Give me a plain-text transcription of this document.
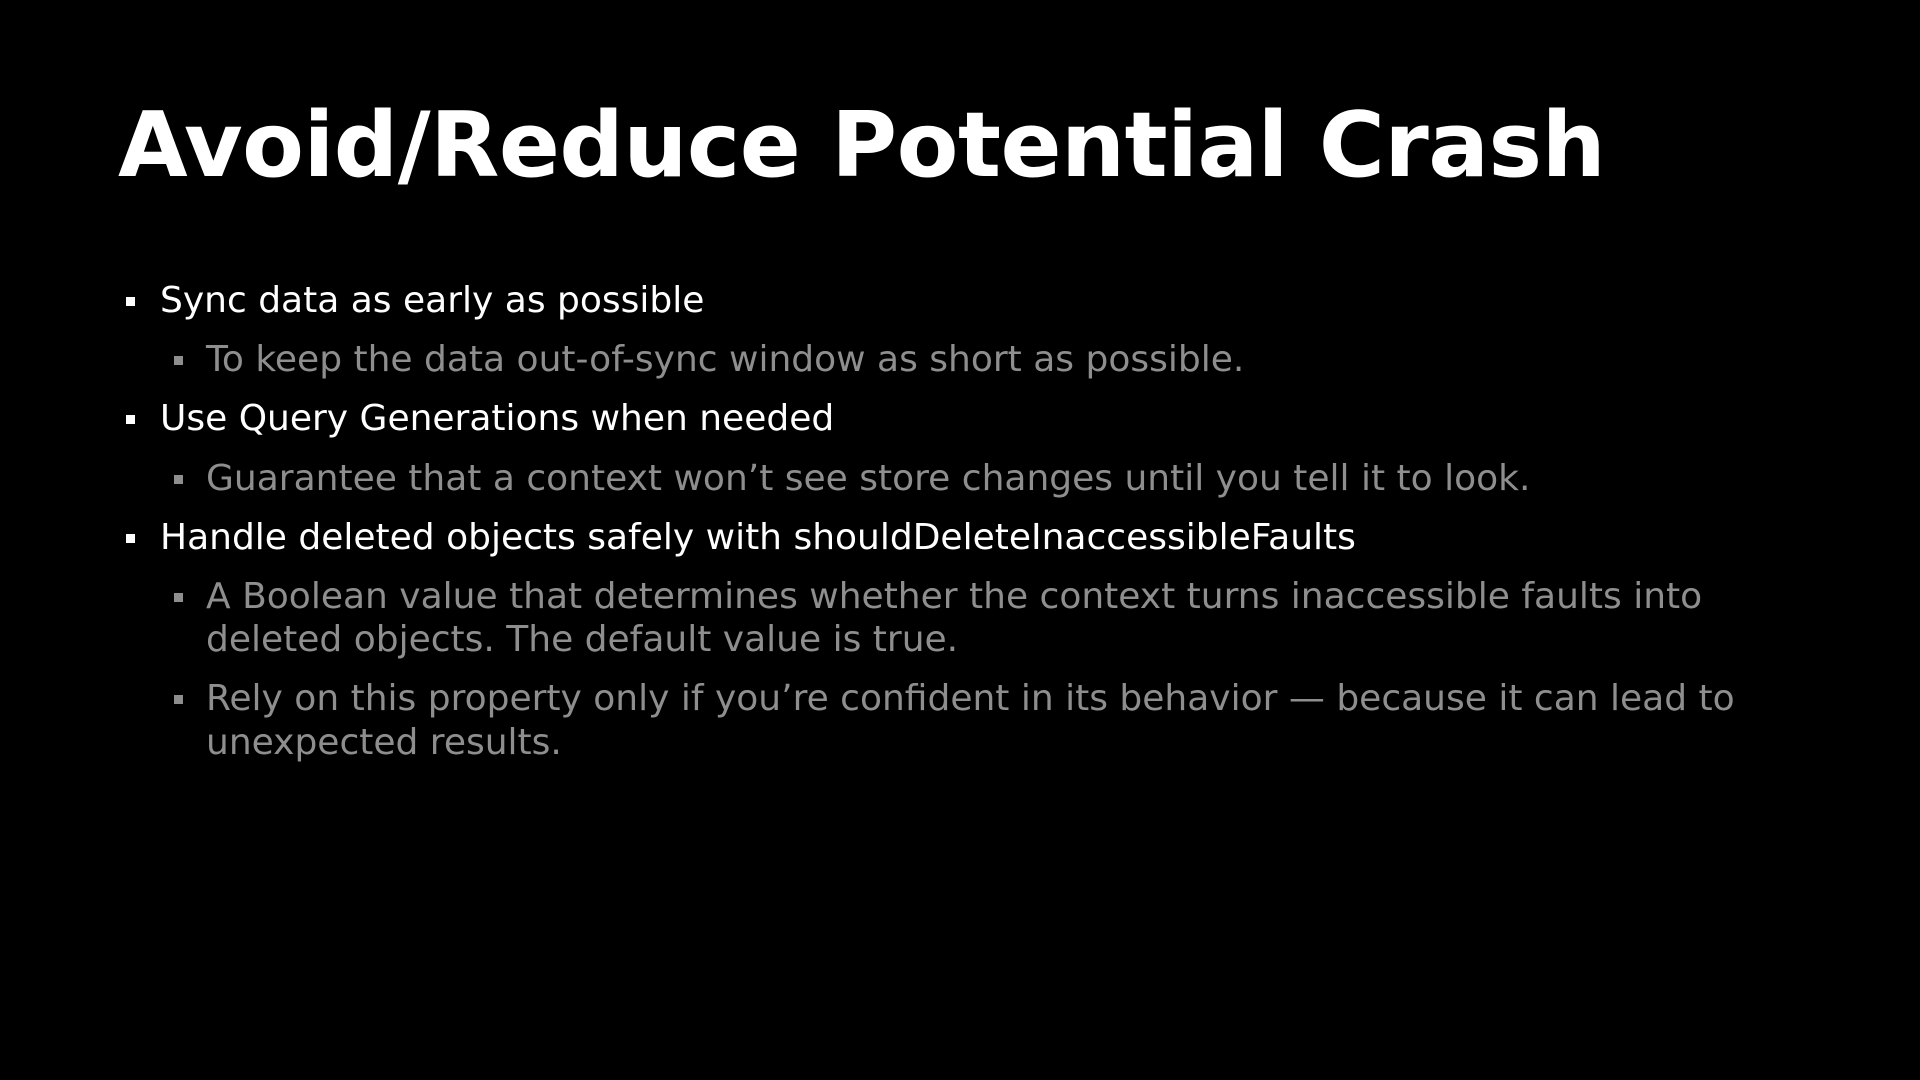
Avoid/Reduce Potential Crash
Sync data as early as possible
To keep the data out-of-sync window as short as possible.
Use Query Generations when needed
Guarantee that a context won’t see store changes until you tell it to look.
Handle deleted objects safely with shouldDeleteInaccessibleFaults
A Boolean value that determines whether the context turns inaccessible faults into deleted objects. The default value is true.
Rely on this property only if you’re confident in its behavior — because it can lead to unexpected results.
